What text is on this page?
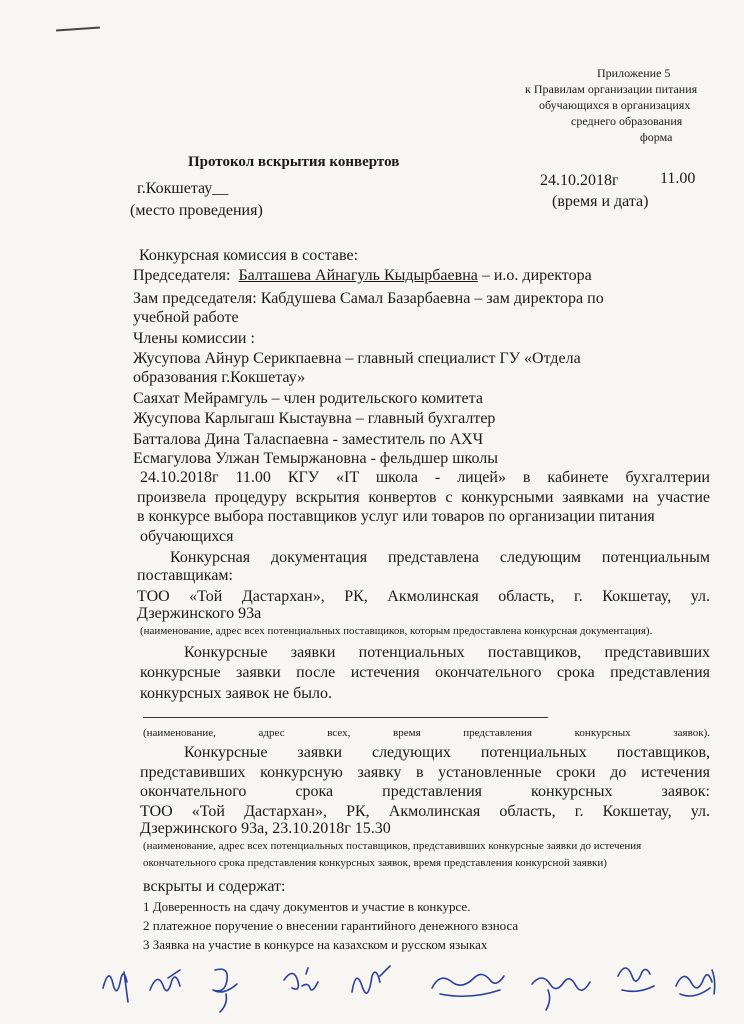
Приложение 5
к Правилам организации питания
обучающихся в организациях
среднего образования
форма
Протокол вскрытия конвертов
г.Кокшетау__
(место проведения)
24.10.2018г	11.00
(время и дата)
Конкурсная комиссия в составе:
Председателя: Балташева Айнагуль Кыдырбаевна – и.о. директора
Зам председателя: Кабдушева Самал Базарбаевна – зам директора по
учебной работе
Члены комиссии :
Жусупова Айнур Серикпаевна – главный специалист ГУ «Отдела
образования г.Кокшетау»
Саяхат Мейрамгуль – член родительского комитета
Жусупова Карлыгаш Кыстаувна – главный бухгалтер
Батталова Дина Таласпаевна - заместитель по АХЧ
Есмагулова Улжан Темыржановна - фельдшер школы
24.10.2018г 11.00 КГУ «IT школа - лицей» в кабинете бухгалтерии
произвела процедуру вскрытия конвертов с конкурсными заявками на участие
в конкурсе выбора поставщиков услуг или товаров по организации питания
обучающихся
Конкурсная документация представлена следующим потенциальным
поставщикам:
ТОО «Той Дастархан», РК, Акмолинская область, г. Кокшетау, ул.
Дзержинского 93а
(наименование, адрес всех потенциальных поставщиков, которым предоставлена конкурсная документация).
Конкурсные заявки потенциальных поставщиков, представивших
конкурсные заявки после истечения окончательного срока представления
конкурсных заявок не было.
(наименование, адрес всех, время представления конкурсных заявок).
Конкурсные заявки следующих потенциальных поставщиков,
представивших конкурсную заявку в установленные сроки до истечения
окончательного срока представления конкурсных заявок:
ТОО «Той Дастархан», РК, Акмолинская область, г. Кокшетау, ул.
Дзержинского 93а, 23.10.2018г 15.30
(наименование, адрес всех потенциальных поставщиков, представивших конкурсные заявки до истечения
окончательного срока представления конкурсных заявок, время представления конкурсной заявки)
вскрыты и содержат:
1 Доверенность на сдачу документов и участие в конкурсе.
2 платежное поручение о внесении гарантийного денежного взноса
3 Заявка на участие в конкурсе на казахском и русском языках
